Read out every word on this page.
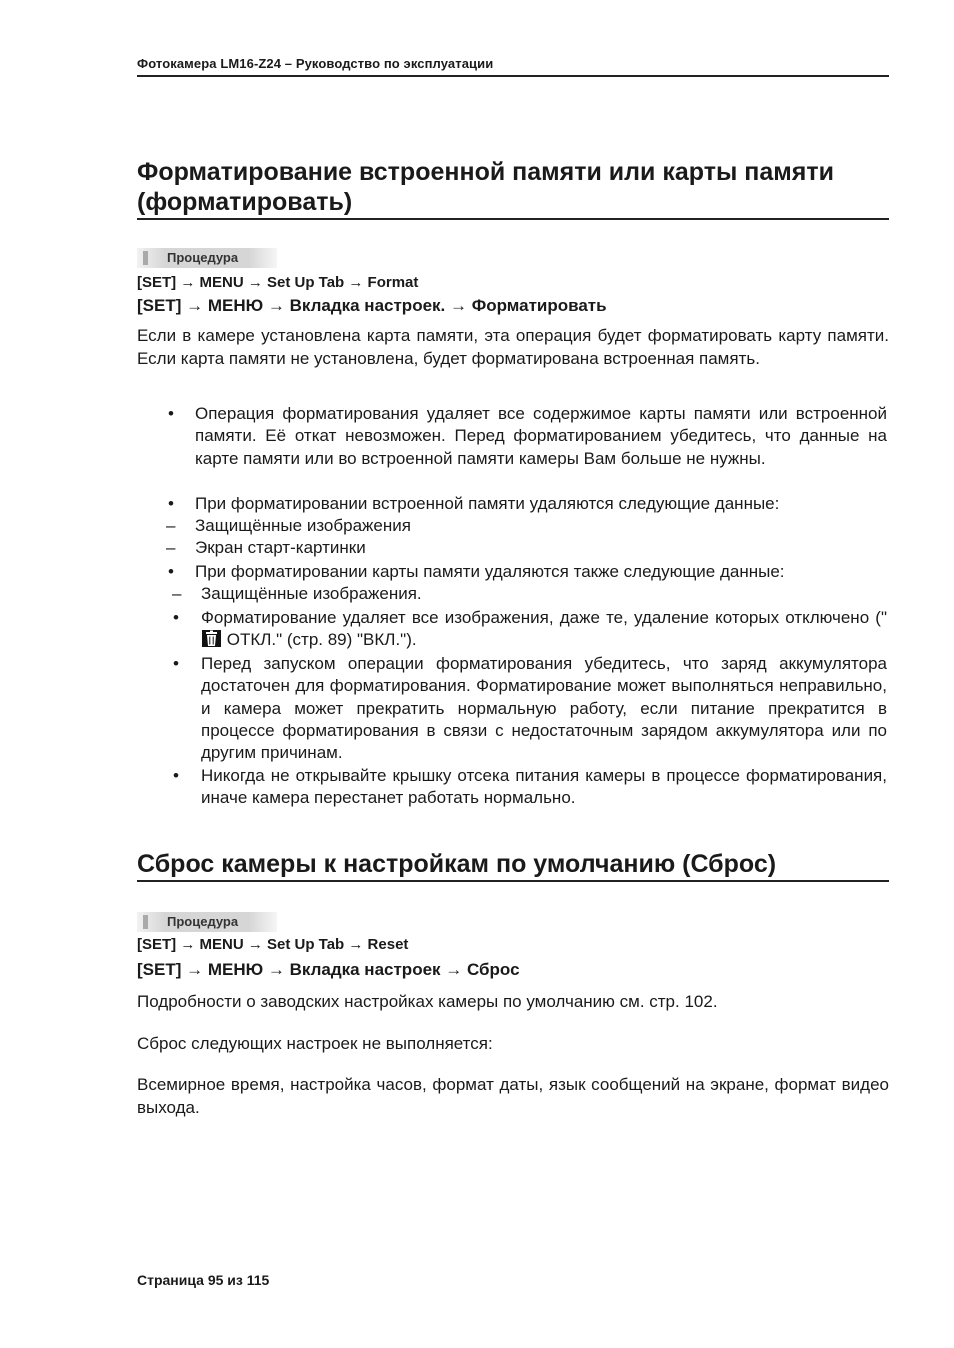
Фотокамера LM16-Z24 – Руководство по эксплуатации
Форматирование встроенной памяти или карты памяти (форматировать)
Процедура
[SET] → MENU → Set Up Tab → Format
[SET] → МЕНЮ → Вкладка настроек. → Форматировать
Если в камере установлена карта памяти, эта операция будет форматировать карту памяти. Если карта памяти не установлена, будет форматирована встроенная память.
• Операция форматирования удаляет все содержимое карты памяти или встроенной памяти. Её откат невозможен. Перед форматированием убедитесь, что данные на карте памяти или во встроенной памяти камеры Вам больше не нужны.
• При форматировании встроенной памяти удаляются следующие данные:
– Защищённые изображения
– Экран старт-картинки
• При форматировании карты памяти удаляются также следующие данные:
– Защищённые изображения.
• Форматирование удаляет все изображения, даже те, удаление которых отключено ("
ОТКЛ." (стр. 89) "ВКЛ.").
• Перед запуском операции форматирования убедитесь, что заряд аккумулятора достаточен для форматирования. Форматирование может выполняться неправильно, и камера может прекратить нормальную работу, если питание прекратится в процессе форматирования в связи с недостаточным зарядом аккумулятора или по другим причинам.
• Никогда не открывайте крышку отсека питания камеры в процессе форматирования, иначе камера перестанет работать нормально.
Сброс камеры к настройкам по умолчанию (Сброс)
Процедура
[SET] → MENU → Set Up Tab → Reset
[SET] → МЕНЮ → Вкладка настроек → Сброс
Подробности о заводских настройках камеры по умолчанию см. стр. 102.
Сброс следующих настроек не выполняется:
Всемирное время, настройка часов, формат даты, язык сообщений на экране, формат видео выхода.
Страница 95 из 115
